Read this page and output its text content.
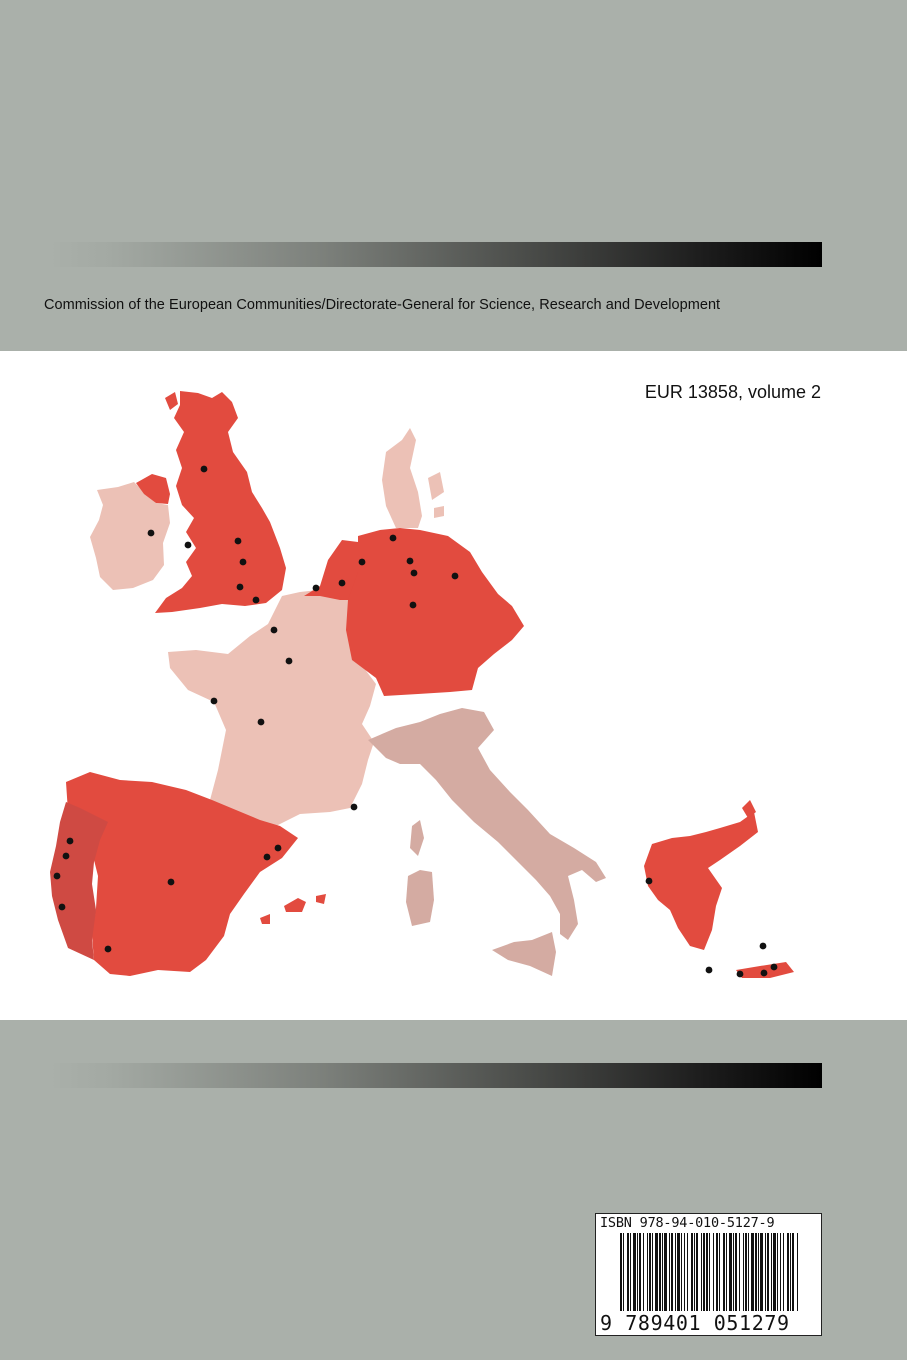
Commission of the European Communities/Directorate-General for Science, Research and Development
EUR 13858, volume 2
ISBN 978-94-010-5127-9
9 789401 051279
